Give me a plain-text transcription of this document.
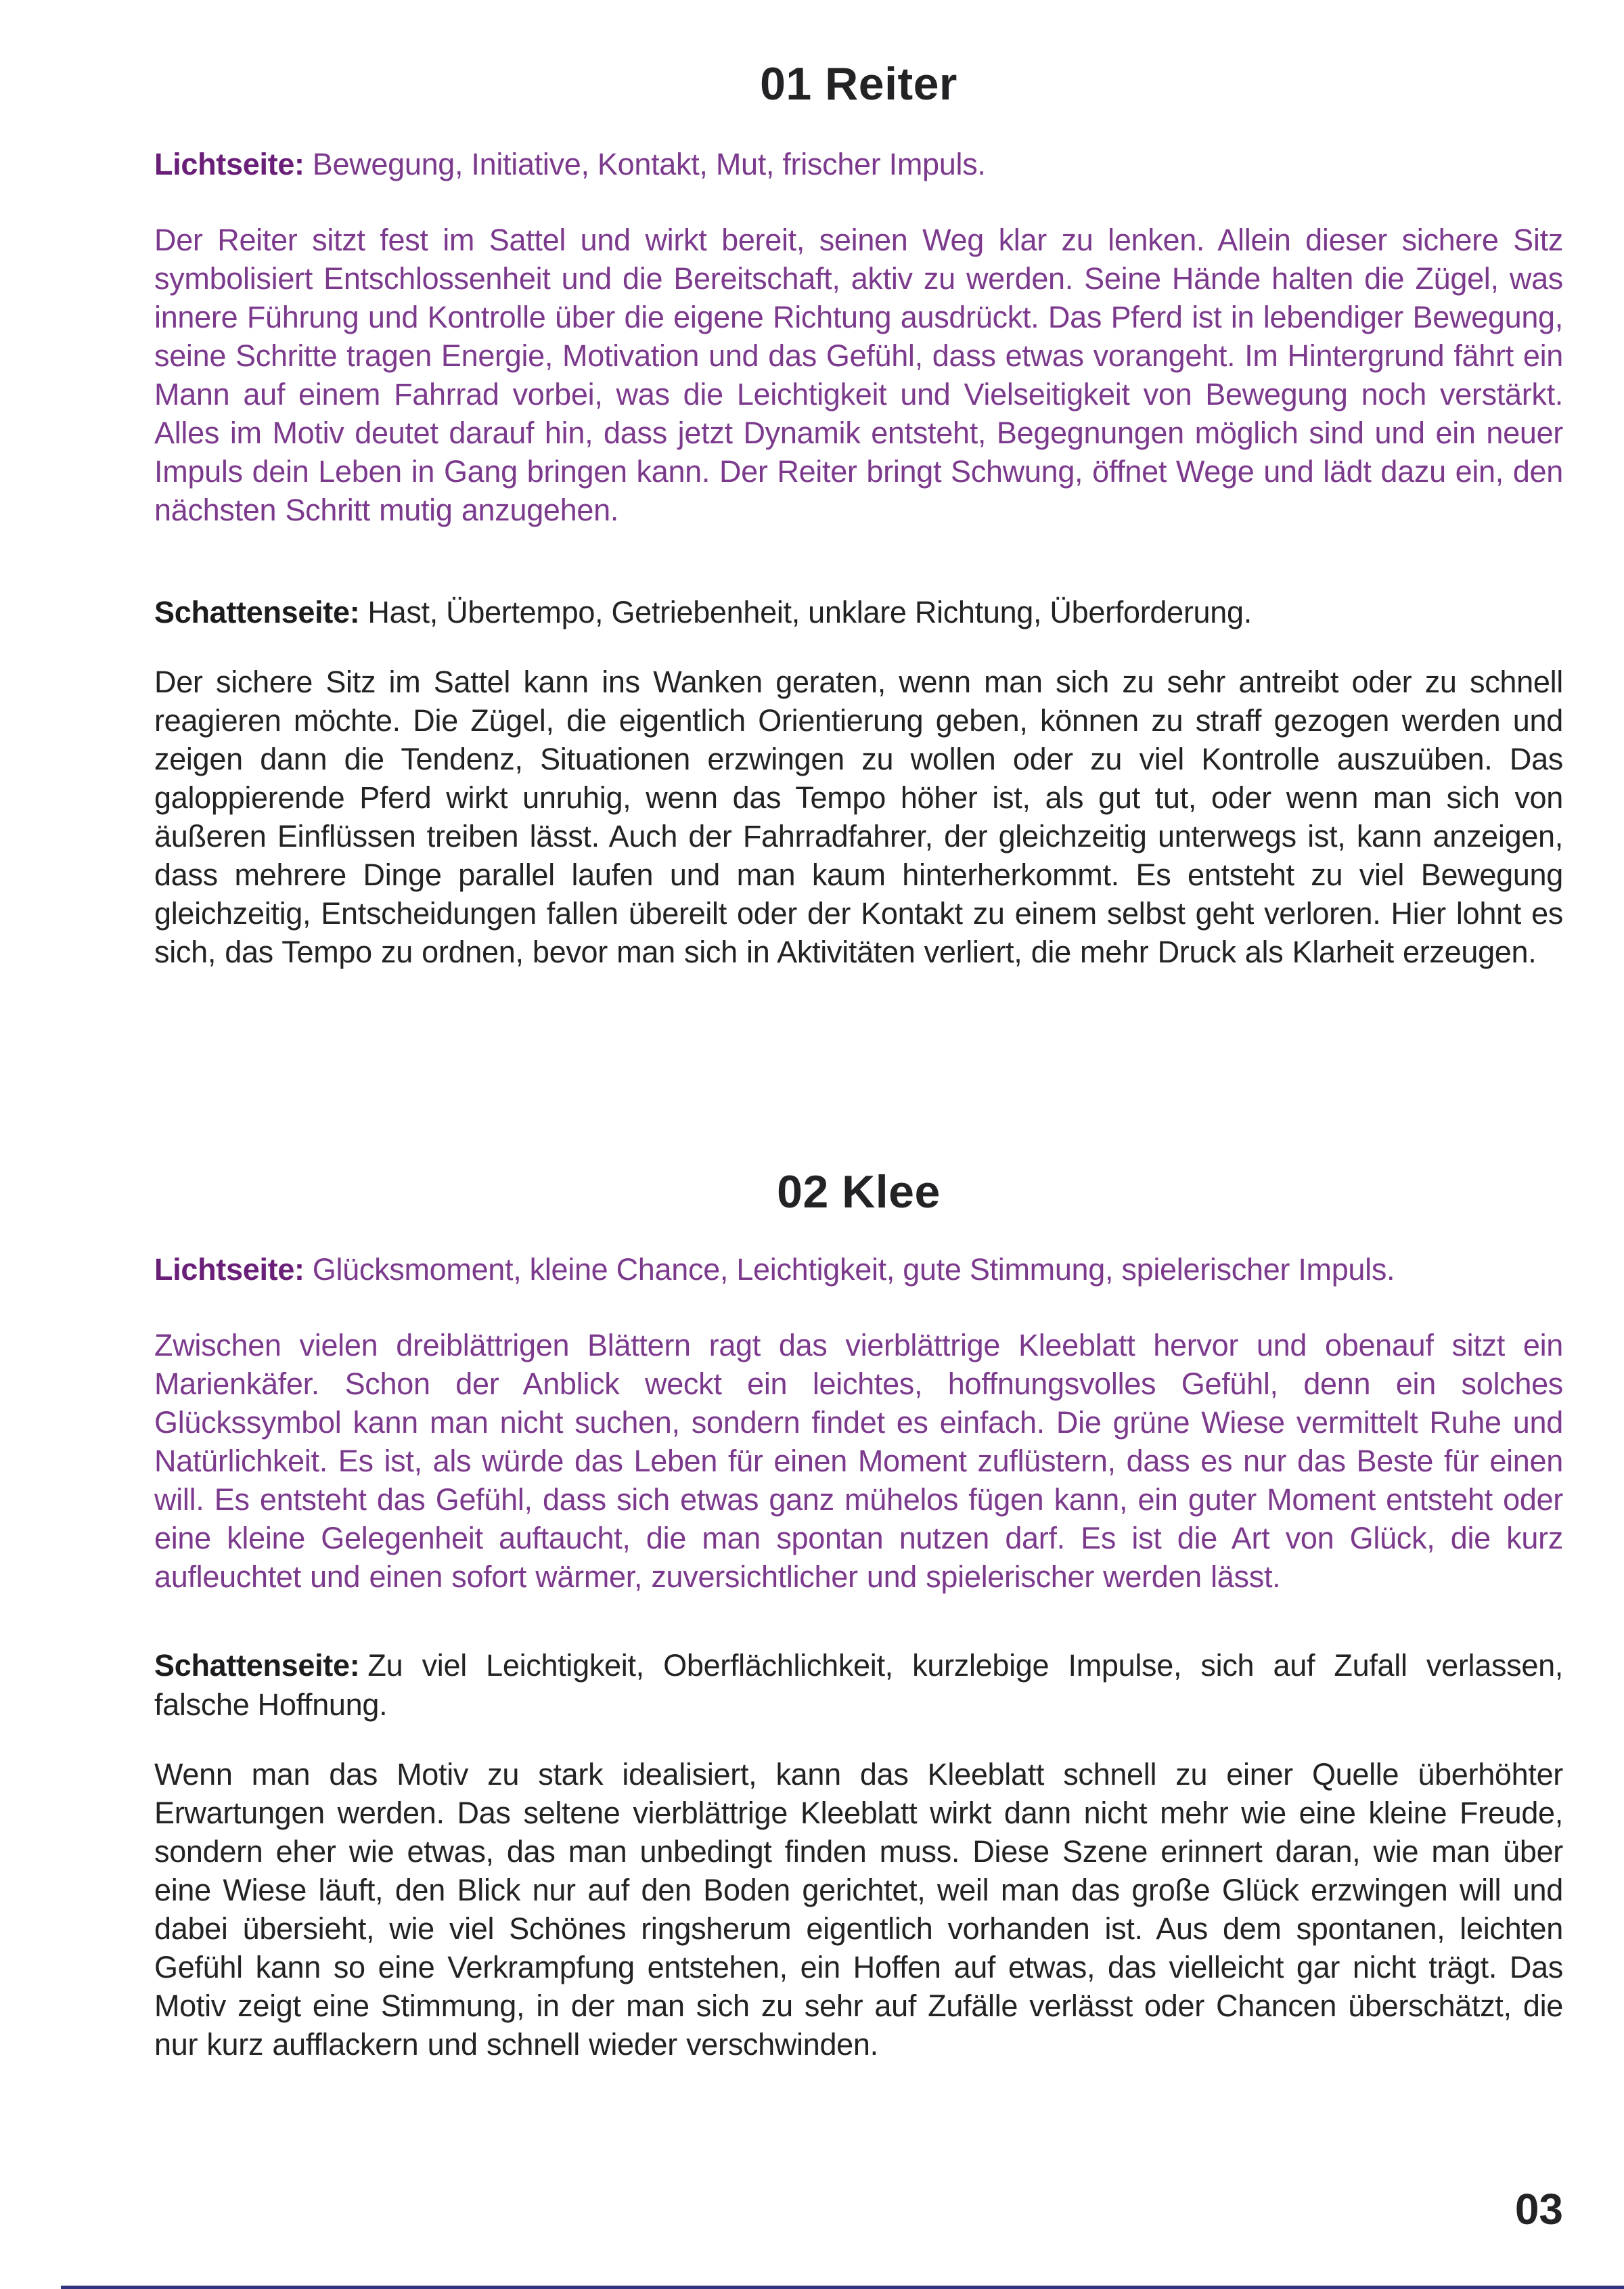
01 Reiter

Lichtseite: Bewegung, Initiative, Kontakt, Mut, frischer Impuls.

Der Reiter sitzt fest im Sattel und wirkt bereit, seinen Weg klar zu lenken. Allein dieser sichere Sitz symbolisiert Entschlossenheit und die Bereitschaft, aktiv zu werden. Seine Hände halten die Zügel, was innere Führung und Kontrolle über die eigene Richtung ausdrückt. Das Pferd ist in lebendiger Bewegung, seine Schritte tragen Energie, Motivation und das Gefühl, dass etwas vorangeht. Im Hintergrund fährt ein Mann auf einem Fahrrad vorbei, was die Leichtigkeit und Vielseitigkeit von Bewegung noch verstärkt. Alles im Motiv deutet darauf hin, dass jetzt Dynamik entsteht, Begegnungen möglich sind und ein neuer Impuls dein Leben in Gang bringen kann. Der Reiter bringt Schwung, öffnet Wege und lädt dazu ein, den nächsten Schritt mutig anzugehen.

Schattenseite: Hast, Übertempo, Getriebenheit, unklare Richtung, Überforderung.

Der sichere Sitz im Sattel kann ins Wanken geraten, wenn man sich zu sehr antreibt oder zu schnell reagieren möchte. Die Zügel, die eigentlich Orientierung geben, können zu straff gezogen werden und zeigen dann die Tendenz, Situationen erzwingen zu wollen oder zu viel Kontrolle auszuüben. Das galoppierende Pferd wirkt unruhig, wenn das Tempo höher ist, als gut tut, oder wenn man sich von äußeren Einflüssen treiben lässt. Auch der Fahrradfahrer, der gleichzeitig unterwegs ist, kann anzeigen, dass mehrere Dinge parallel laufen und man kaum hinterherkommt. Es entsteht zu viel Bewegung gleichzeitig, Entscheidungen fallen übereilt oder der Kontakt zu einem selbst geht verloren. Hier lohnt es sich, das Tempo zu ordnen, bevor man sich in Aktivitäten verliert, die mehr Druck als Klarheit erzeugen.

02 Klee

Lichtseite: Glücksmoment, kleine Chance, Leichtigkeit, gute Stimmung, spielerischer Impuls.

Zwischen vielen dreiblättrigen Blättern ragt das vierblättrige Kleeblatt hervor und obenauf sitzt ein Marienkäfer. Schon der Anblick weckt ein leichtes, hoffnungsvolles Gefühl, denn ein solches Glückssymbol kann man nicht suchen, sondern findet es einfach. Die grüne Wiese vermittelt Ruhe und Natürlichkeit. Es ist, als würde das Leben für einen Moment zuflüstern, dass es nur das Beste für einen will. Es entsteht das Gefühl, dass sich etwas ganz mühelos fügen kann, ein guter Moment entsteht oder eine kleine Gelegenheit auftaucht, die man spontan nutzen darf. Es ist die Art von Glück, die kurz aufleuchtet und einen sofort wärmer, zuversichtlicher und spielerischer werden lässt.

Schattenseite: Zu viel Leichtigkeit, Oberflächlichkeit, kurzlebige Impulse, sich auf Zufall verlassen, falsche Hoffnung.

Wenn man das Motiv zu stark idealisiert, kann das Kleeblatt schnell zu einer Quelle überhöhter Erwartungen werden. Das seltene vierblättrige Kleeblatt wirkt dann nicht mehr wie eine kleine Freude, sondern eher wie etwas, das man unbedingt finden muss. Diese Szene erinnert daran, wie man über eine Wiese läuft, den Blick nur auf den Boden gerichtet, weil man das große Glück erzwingen will und dabei übersieht, wie viel Schönes ringsherum eigentlich vorhanden ist. Aus dem spontanen, leichten Gefühl kann so eine Verkrampfung entstehen, ein Hoffen auf etwas, das vielleicht gar nicht trägt. Das Motiv zeigt eine Stimmung, in der man sich zu sehr auf Zufälle verlässt oder Chancen überschätzt, die nur kurz aufflackern und schnell wieder verschwinden.

03
